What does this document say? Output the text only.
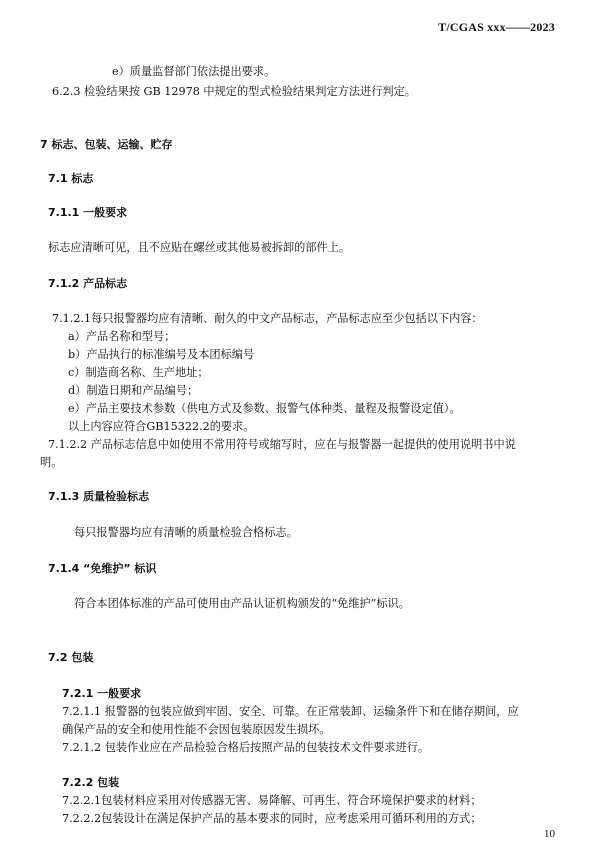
T/CGAS xxx——2023
e）质量监督部门依法提出要求。
6.2.3 检验结果按 GB 12978 中规定的型式检验结果判定方法进行判定。
7 标志、包装、运输、贮存
7.1 标志
7.1.1 一般要求
标志应清晰可见，且不应贴在螺丝或其他易被拆卸的部件上。
7.1.2 产品标志
7.1.2.1每只报警器均应有清晰、耐久的中文产品标志，产品标志应至少包括以下内容：
a）产品名称和型号；
b）产品执行的标准编号及本团标编号
c）制造商名称、生产地址；
d）制造日期和产品编号；
e）产品主要技术参数（供电方式及参数、报警气体种类、量程及报警设定值）。
以上内容应符合GB15322.2的要求。
7.1.2.2 产品标志信息中如使用不常用符号或缩写时，应在与报警器一起提供的使用说明书中说
明。
7.1.3 质量检验标志
每只报警器均应有清晰的质量检验合格标志。
7.1.4 “免维护” 标识
符合本团体标准的产品可使用由产品认证机构颁发的“免维护”标识。
7.2 包装
7.2.1 一般要求
7.2.1.1 报警器的包装应做到牢固、安全、可靠。在正常装卸、运输条件下和在储存期间，应
确保产品的安全和使用性能不会因包装原因发生损坏。
7.2.1.2 包装作业应在产品检验合格后按照产品的包装技术文件要求进行。
7.2.2 包装
7.2.2.1包装材料应采用对传感器无害、易降解、可再生、符合环境保护要求的材料；
7.2.2.2包装设计在满足保护产品的基本要求的同时，应考虑采用可循环利用的方式；
10
